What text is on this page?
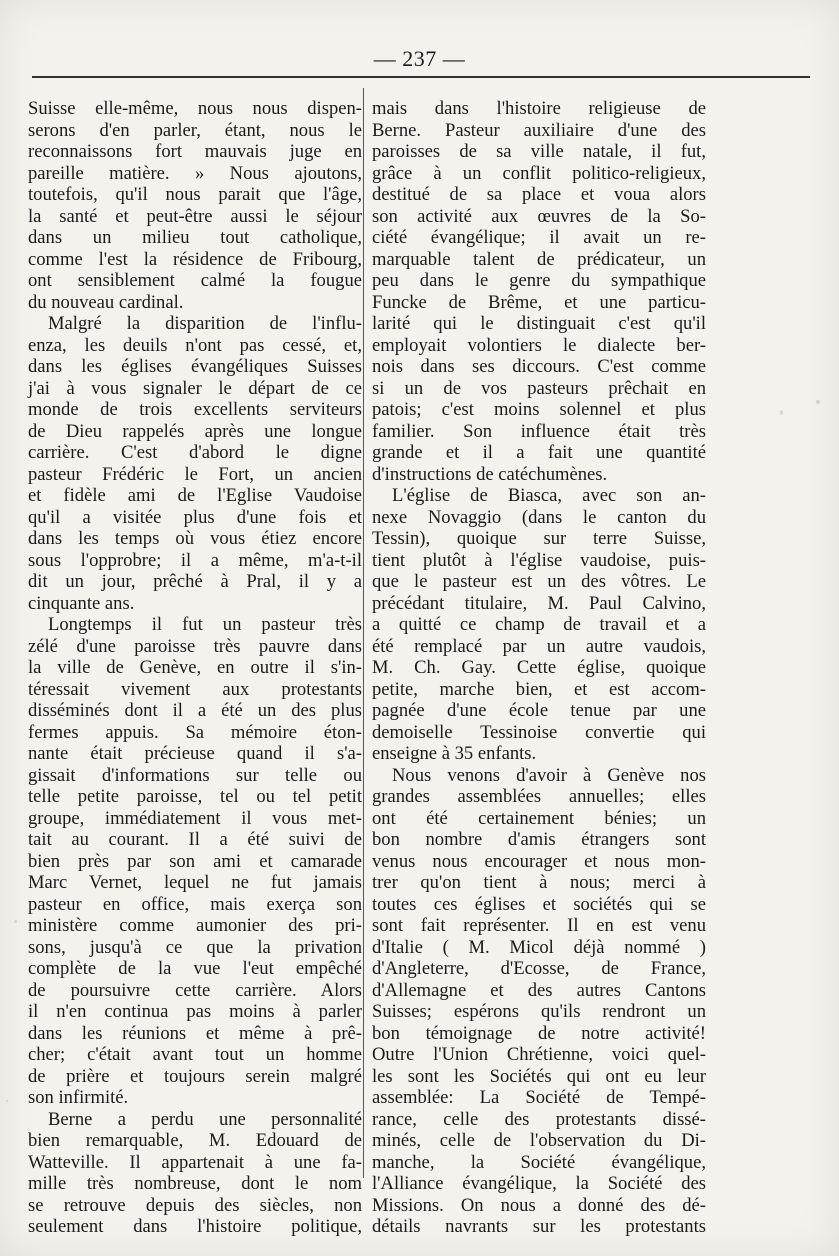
— 237 —
Suisse elle-même, nous nous dispen-
serons d'en parler, étant, nous le
reconnaissons fort mauvais juge en
pareille matière. » Nous ajoutons,
toutefois, qu'il nous parait que l'âge,
la santé et peut-être aussi le séjour
dans un milieu tout catholique,
comme l'est la résidence de Fribourg,
ont sensiblement calmé la fougue
du nouveau cardinal.
Malgré la disparition de l'influ-
enza, les deuils n'ont pas cessé, et,
dans les églises évangéliques Suisses
j'ai à vous signaler le départ de ce
monde de trois excellents serviteurs
de Dieu rappelés après une longue
carrière. C'est d'abord le digne
pasteur Frédéric le Fort, un ancien
et fidèle ami de l'Eglise Vaudoise
qu'il a visitée plus d'une fois et
dans les temps où vous étiez encore
sous l'opprobre; il a même, m'a-t-il
dit un jour, prêché à Pral, il y a
cinquante ans.
Longtemps il fut un pasteur très
zélé d'une paroisse très pauvre dans
la ville de Genève, en outre il s'in-
téressait vivement aux protestants
disséminés dont il a été un des plus
fermes appuis. Sa mémoire éton-
nante était précieuse quand il s'a-
gissait d'informations sur telle ou
telle petite paroisse, tel ou tel petit
groupe, immédiatement il vous met-
tait au courant. Il a été suivi de
bien près par son ami et camarade
Marc Vernet, lequel ne fut jamais
pasteur en office, mais exerça son
ministère comme aumonier des pri-
sons, jusqu'à ce que la privation
complète de la vue l'eut empêché
de poursuivre cette carrière. Alors
il n'en continua pas moins à parler
dans les réunions et même à prê-
cher; c'était avant tout un homme
de prière et toujours serein malgré
son infirmité.
Berne a perdu une personnalité
bien remarquable, M. Edouard de
Watteville. Il appartenait à une fa-
mille très nombreuse, dont le nom
se retrouve depuis des siècles, non
seulement dans l'histoire politique,
mais dans l'histoire religieuse de
Berne. Pasteur auxiliaire d'une des
paroisses de sa ville natale, il fut,
grâce à un conflit politico-religieux,
destitué de sa place et voua alors
son activité aux œuvres de la So-
ciété évangélique; il avait un re-
marquable talent de prédicateur, un
peu dans le genre du sympathique
Funcke de Brême, et une particu-
larité qui le distinguait c'est qu'il
employait volontiers le dialecte ber-
nois dans ses diccours. C'est comme
si un de vos pasteurs prêchait en
patois; c'est moins solennel et plus
familier. Son influence était très
grande et il a fait une quantité
d'instructions de catéchumènes.
L'église de Biasca, avec son an-
nexe Novaggio (dans le canton du
Tessin), quoique sur terre Suisse,
tient plutôt à l'église vaudoise, puis-
que le pasteur est un des vôtres. Le
précédant titulaire, M. Paul Calvino,
a quitté ce champ de travail et a
été remplacé par un autre vaudois,
M. Ch. Gay. Cette église, quoique
petite, marche bien, et est accom-
pagnée d'une école tenue par une
demoiselle Tessinoise convertie qui
enseigne à 35 enfants.
Nous venons d'avoir à Genève nos
grandes assemblées annuelles; elles
ont été certainement bénies; un
bon nombre d'amis étrangers sont
venus nous encourager et nous mon-
trer qu'on tient à nous; merci à
toutes ces églises et sociétés qui se
sont fait représenter. Il en est venu
d'Italie ( M. Micol déjà nommé )
d'Angleterre, d'Ecosse, de France,
d'Allemagne et des autres Cantons
Suisses; espérons qu'ils rendront un
bon témoignage de notre activité!
Outre l'Union Chrétienne, voici quel-
les sont les Sociétés qui ont eu leur
assemblée: La Société de Tempé-
rance, celle des protestants dissé-
minés, celle de l'observation du Di-
manche, la Société évangélique,
l'Alliance évangélique, la Société des
Missions. On nous a donné des dé-
détails navrants sur les protestants
